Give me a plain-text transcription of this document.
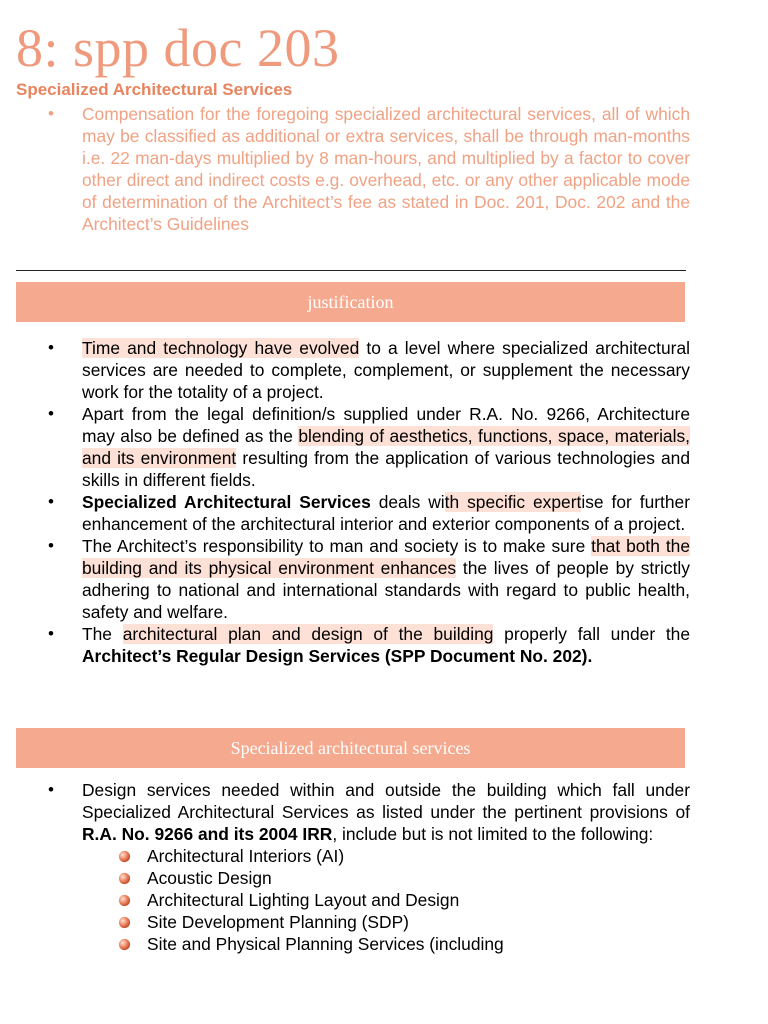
8: spp doc 203
Specialized Architectural Services
• Compensation for the foregoing specialized architectural services, all of which may be classified as additional or extra services, shall be through man-months i.e. 22 man-days multiplied by 8 man-hours, and multiplied by a factor to cover other direct and indirect costs e.g. overhead, etc. or any other applicable mode of determination of the Architect’s fee as stated in Doc. 201, Doc. 202 and the Architect’s Guidelines
justification
• Time and technology have evolved to a level where specialized architectural services are needed to complete, complement, or supplement the necessary work for the totality of a project.
• Apart from the legal definition/s supplied under R.A. No. 9266, Architecture may also be defined as the blending of aesthetics, functions, space, materials, and its environment resulting from the application of various technologies and skills in different fields.
• Specialized Architectural Services deals with specific expertise for further enhancement of the architectural interior and exterior components of a project.
• The Architect’s responsibility to man and society is to make sure that both the building and its physical environment enhances the lives of people by strictly adhering to national and international standards with regard to public health, safety and welfare.
• The architectural plan and design of the building properly fall under the Architect’s Regular Design Services (SPP Document No. 202).
Specialized architectural services
• Design services needed within and outside the building which fall under Specialized Architectural Services as listed under the pertinent provisions of R.A. No. 9266 and its 2004 IRR, include but is not limited to the following:
Architectural Interiors (AI)
Acoustic Design
Architectural Lighting Layout and Design
Site Development Planning (SDP)
Site and Physical Planning Services (including
